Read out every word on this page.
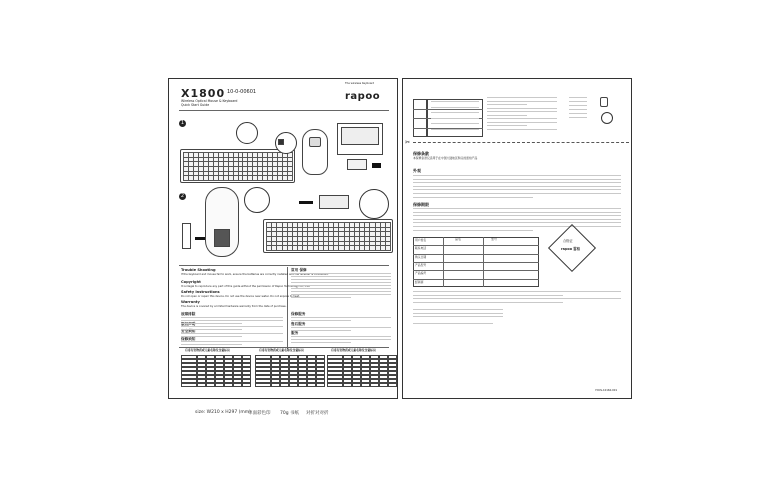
X1800 10-0-00601
Wireless Optical Mouse & Keyboard
Quick Start Guide
The wireless Keyboard
rapoo
1
2
Trouble Shooting
If the keyboard and mouse fail to work, ensure the batteries are correctly installed and the receiver is connected.
Copyright
It is illegal to reproduce any part of this guide without the permission of Rapoo Technology Co., Ltd.
Safety Instructions
Do not open or repair this device. Do not use the device near water. Do not expose to heat.
Warranty
The device is covered by a limited hardware warranty from the date of purchase.
故障排除
版权声明
安全须知
保修须知
常用 保修
保修服务
售后服务
服务
有毒有害物质或元素名称及含量标识	有毒有害物质或元素名称及含量标识	有毒有害物质或元素名称及含量标识
✂
保修条款
本保修条款仅适用于在中国大陆地区购买的雷柏产品
外观
保修期限
用户姓名
联系电话
购买日期
产品型号
产品编号
经销商
品名	型号	合格证
rapoo 雷柏
YDCS-10160-001
size: W210 x H297 (mm)
单面彩色印 70g 书纸 对折对对折
